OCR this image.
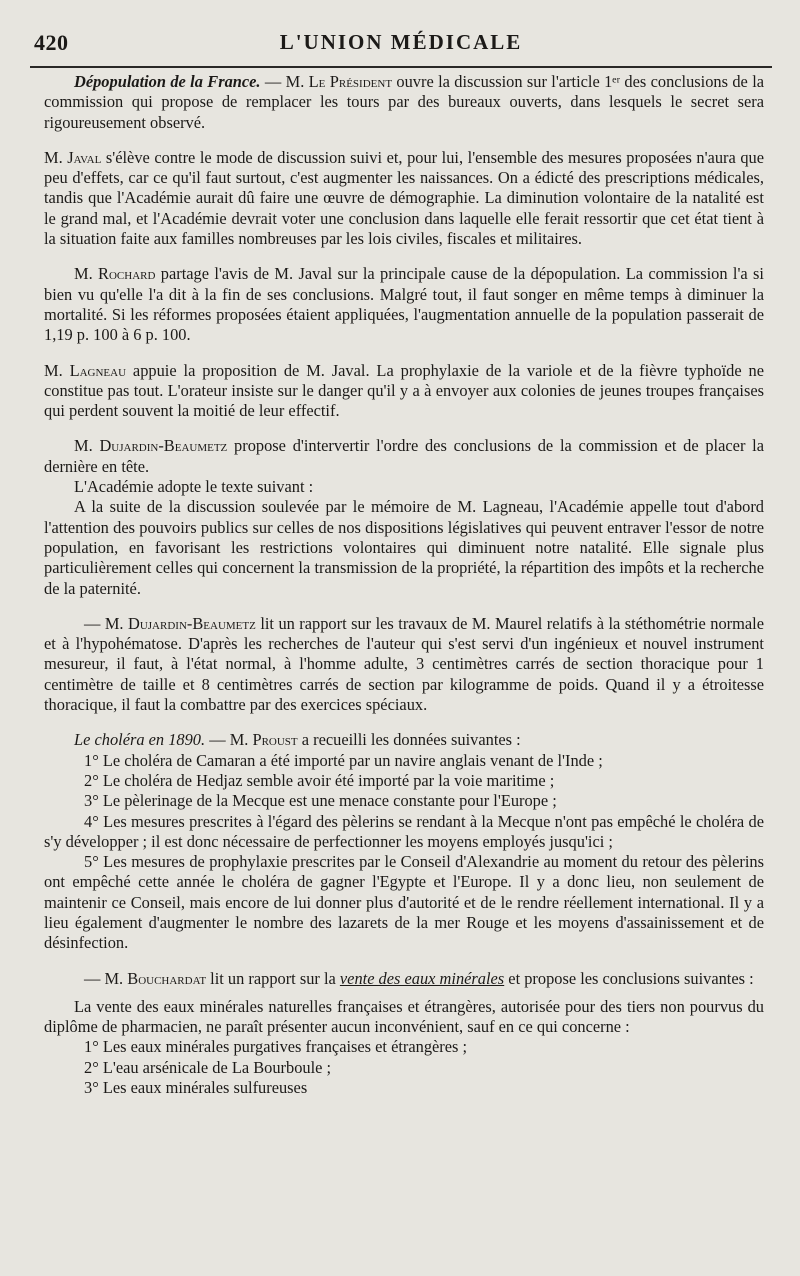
420	L'UNION MÉDICALE

Dépopulation de la France. — M. Le Président ouvre la discussion sur l'article 1ᵉʳ des conclusions de la commission qui propose de remplacer les tours par des bureaux ouverts, dans lesquels le secret sera rigoureusement observé.

M. Javal s'élève contre le mode de discussion suivi et, pour lui, l'ensemble des mesures proposées n'aura que peu d'effets, car ce qu'il faut surtout, c'est augmenter les naissances. On a édicté des prescriptions médicales, tandis que l'Académie aurait dû faire une œuvre de démographie. La diminution volontaire de la natalité est le grand mal, et l'Académie devrait voter une conclusion dans laquelle elle ferait ressortir que cet état tient à la situation faite aux familles nombreuses par les lois civiles, fiscales et militaires.

M. Rochard partage l'avis de M. Javal sur la principale cause de la dépopulation. La commission l'a si bien vu qu'elle l'a dit à la fin de ses conclusions. Malgré tout, il faut songer en même temps à diminuer la mortalité. Si les réformes proposées étaient appliquées, l'augmentation annuelle de la population passerait de 1,19 p. 100 à 6 p. 100.

M. Lagneau appuie la proposition de M. Javal. La prophylaxie de la variole et de la fièvre typhoïde ne constitue pas tout. L'orateur insiste sur le danger qu'il y a à envoyer aux colonies de jeunes troupes françaises qui perdent souvent la moitié de leur effectif.

M. Dujardin-Beaumetz propose d'intervertir l'ordre des conclusions de la commission et de placer la dernière en tête.

L'Académie adopte le texte suivant :

A la suite de la discussion soulevée par le mémoire de M. Lagneau, l'Académie appelle tout d'abord l'attention des pouvoirs publics sur celles de nos dispositions législatives qui peuvent entraver l'essor de notre population, en favorisant les restrictions volontaires qui diminuent notre natalité. Elle signale plus particulièrement celles qui concernent la transmission de la propriété, la répartition des impôts et la recherche de la paternité.

— M. Dujardin-Beaumetz lit un rapport sur les travaux de M. Maurel relatifs à la stéthométrie normale et à l'hypohématose. D'après les recherches de l'auteur qui s'est servi d'un ingénieux et nouvel instrument mesureur, il faut, à l'état normal, à l'homme adulte, 3 centimètres carrés de section thoracique pour 1 centimètre de taille et 8 centimètres carrés de section par kilogramme de poids. Quand il y a étroitesse thoracique, il faut la combattre par des exercices spéciaux.

Le choléra en 1890. — M. Proust a recueilli les données suivantes :

1° Le choléra de Camaran a été importé par un navire anglais venant de l'Inde ;

2° Le choléra de Hedjaz semble avoir été importé par la voie maritime ;

3° Le pèlerinage de la Mecque est une menace constante pour l'Europe ;

4° Les mesures prescrites à l'égard des pèlerins se rendant à la Mecque n'ont pas empêché le choléra de s'y développer ; il est donc nécessaire de perfectionner les moyens employés jusqu'ici ;

5° Les mesures de prophylaxie prescrites par le Conseil d'Alexandrie au moment du retour des pèlerins ont empêché cette année le choléra de gagner l'Egypte et l'Europe. Il y a donc lieu, non seulement de maintenir ce Conseil, mais encore de lui donner plus d'autorité et de le rendre réellement international. Il y a lieu également d'augmenter le nombre des lazarets de la mer Rouge et les moyens d'assainissement et de désinfection.

— M. Bouchardat lit un rapport sur la vente des eaux minérales et propose les conclusions suivantes :

La vente des eaux minérales naturelles françaises et étrangères, autorisée pour des tiers non pourvus du diplôme de pharmacien, ne paraît présenter aucun inconvénient, sauf en ce qui concerne :

1° Les eaux minérales purgatives françaises et étrangères ;

2° L'eau arsénicale de La Bourboule ;

3° Les eaux minérales sulfureuses
